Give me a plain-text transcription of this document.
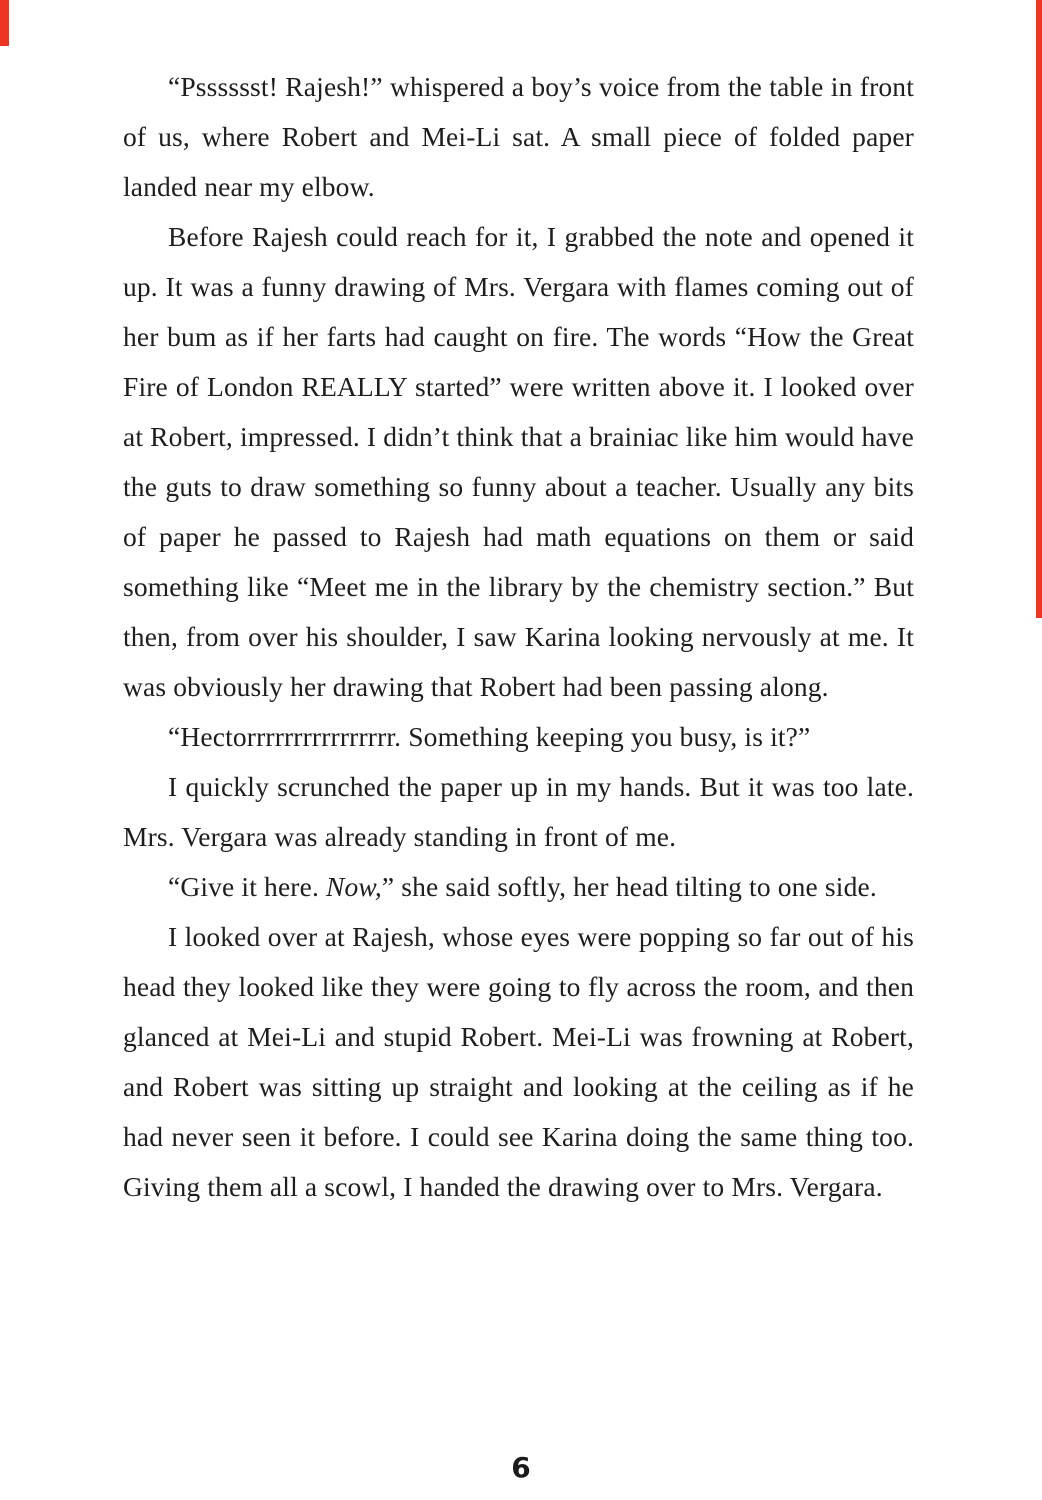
“Psssssst! Rajesh!” whispered a boy’s voice from the table in front of us, where Robert and Mei-Li sat. A small piece of folded paper landed near my elbow.

Before Rajesh could reach for it, I grabbed the note and opened it up. It was a funny drawing of Mrs. Vergara with flames coming out of her bum as if her farts had caught on fire. The words “How the Great Fire of London REALLY started” were written above it. I looked over at Robert, impressed. I didn’t think that a brainiac like him would have the guts to draw something so funny about a teacher. Usually any bits of paper he passed to Rajesh had math equations on them or said something like “Meet me in the library by the chemistry section.” But then, from over his shoulder, I saw Karina looking nervously at me. It was obviously her drawing that Robert had been passing along.

“Hectorrrrrrrrrrrrrrrr. Something keeping you busy, is it?”

I quickly scrunched the paper up in my hands. But it was too late. Mrs. Vergara was already standing in front of me.

“Give it here. Now,” she said softly, her head tilting to one side.

I looked over at Rajesh, whose eyes were popping so far out of his head they looked like they were going to fly across the room, and then glanced at Mei-Li and stupid Robert. Mei-Li was frowning at Robert, and Robert was sitting up straight and looking at the ceiling as if he had never seen it before. I could see Karina doing the same thing too. Giving them all a scowl, I handed the drawing over to Mrs. Vergara.

6
